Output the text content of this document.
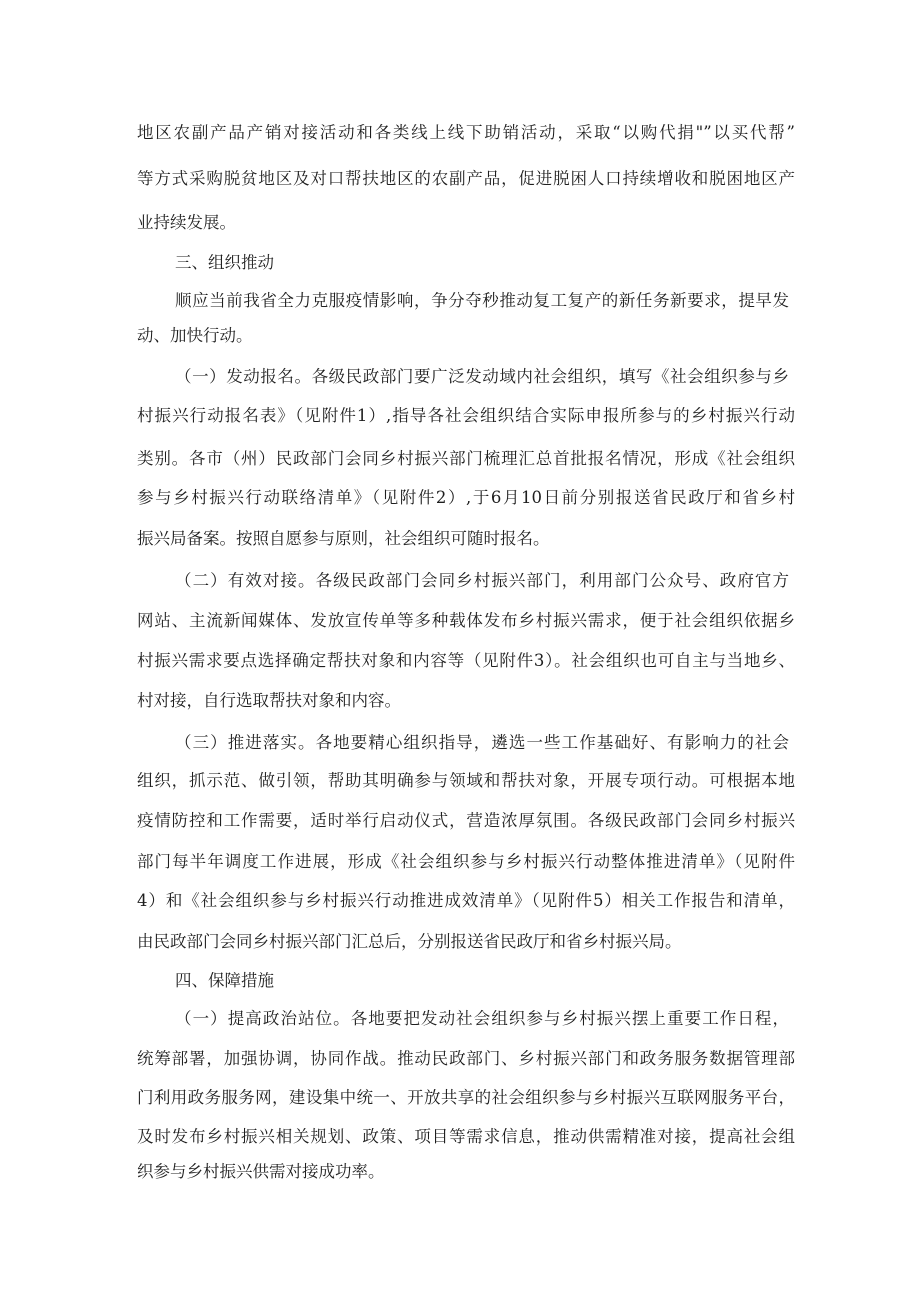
地区农副产品产销对接活动和各类线上线下助销活动，采取“以购代捐"”以买代帮”
等方式采购脱贫地区及对口帮扶地区的农副产品，促进脱困人口持续增收和脱困地区产
业持续发展。
三、组织推动
顺应当前我省全力克服疫情影响，争分夺秒推动复工复产的新任务新要求，提早发
动、加快行动。
（一）发动报名。各级民政部门要广泛发动域内社会组织，填写《社会组织参与乡
村振兴行动报名表》（见附件1）,指导各社会组织结合实际申报所参与的乡村振兴行动
类别。各市（州）民政部门会同乡村振兴部门梳理汇总首批报名情况，形成《社会组织
参与乡村振兴行动联络清单》（见附件2）,于6月10日前分别报送省民政厅和省乡村
振兴局备案。按照自愿参与原则，社会组织可随时报名。
（二）有效对接。各级民政部门会同乡村振兴部门，利用部门公众号、政府官方
网站、主流新闻媒体、发放宣传单等多种载体发布乡村振兴需求，便于社会组织依据乡
村振兴需求要点选择确定帮扶对象和内容等（见附件3）。社会组织也可自主与当地乡、
村对接，自行选取帮扶对象和内容。
（三）推进落实。各地要精心组织指导，遴选一些工作基础好、有影响力的社会
组织，抓示范、做引领，帮助其明确参与领域和帮扶对象，开展专项行动。可根据本地
疫情防控和工作需要，适时举行启动仪式，营造浓厚氛围。各级民政部门会同乡村振兴
部门每半年调度工作进展，形成《社会组织参与乡村振兴行动整体推进清单》（见附件
4）和《社会组织参与乡村振兴行动推进成效清单》（见附件5）相关工作报告和清单，
由民政部门会同乡村振兴部门汇总后，分别报送省民政厅和省乡村振兴局。
四、保障措施
（一）提高政治站位。各地要把发动社会组织参与乡村振兴摆上重要工作日程，
统筹部署，加强协调，协同作战。推动民政部门、乡村振兴部门和政务服务数据管理部
门利用政务服务网，建设集中统一、开放共享的社会组织参与乡村振兴互联网服务平台，
及时发布乡村振兴相关规划、政策、项目等需求信息，推动供需精准对接，提高社会组
织参与乡村振兴供需对接成功率。
